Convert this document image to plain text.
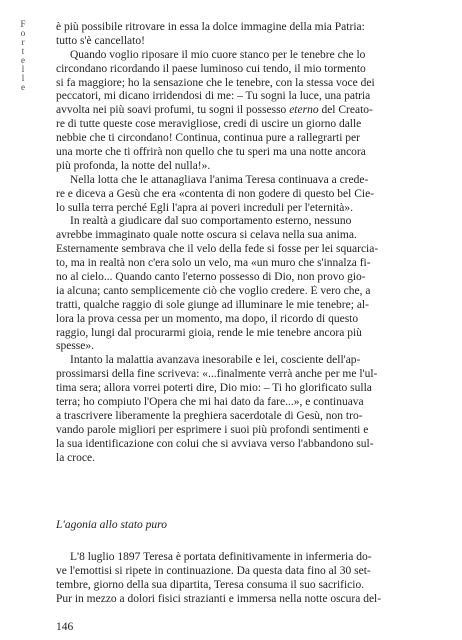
F
o
r
t
e
l
l
e
è più possibile ritrovare in essa la dolce immagine della mia Patria:
tutto s'è cancellato!
Quando voglio riposare il mio cuore stanco per le tenebre che lo
circondano ricordando il paese luminoso cui tendo, il mio tormento
si fa maggiore; ho la sensazione che le tenebre, con la stessa voce dei
peccatori, mi dicano irridendosi di me: – Tu sogni la luce, una patria
avvolta nei più soavi profumi, tu sogni il possesso eterno del Creato-
re di tutte queste cose meravigliose, credi di uscire un giorno dalle
nebbie che ti circondano! Continua, continua pure a rallegrarti per
una morte che ti offrirà non quello che tu speri ma una notte ancora
più profonda, la notte del nulla!».
Nella lotta che le attanagliava l'anima Teresa continuava a crede-
re e diceva a Gesù che era «contenta di non godere di questo bel Cie-
lo sulla terra perché Egli l'apra ai poveri increduli per l'eternità».
In realtà a giudicare dal suo comportamento esterno, nessuno
avrebbe immaginato quale notte oscura si celava nella sua anima.
Esternamente sembrava che il velo della fede si fosse per lei squarcia-
to, ma in realtà non c'era solo un velo, ma «un muro che s'innalza fi-
no al cielo... Quando canto l'eterno possesso di Dio, non provo gio-
ia alcuna; canto semplicemente ciò che voglio credere. È vero che, a
tratti, qualche raggio di sole giunge ad illuminare le mie tenebre; al-
lora la prova cessa per un momento, ma dopo, il ricordo di questo
raggio, lungi dal procurarmi gioia, rende le mie tenebre ancora più
spesse».
Intanto la malattia avanzava inesorabile e lei, cosciente dell'ap-
prossimarsi della fine scriveva: «...finalmente verrà anche per me l'ul-
tima sera; allora vorrei poterti dire, Dio mio: – Ti ho glorificato sulla
terra; ho compiuto l'Opera che mi hai dato da fare...», e continuava
a trascrivere liberamente la preghiera sacerdotale di Gesù, non tro-
vando parole migliori per esprimere i suoi più profondi sentimenti e
la sua identificazione con colui che si avviava verso l'abbandono sul-
la croce.
L'agonia allo stato puro
L'8 luglio 1897 Teresa è portata definitivamente in infermeria do-
ve l'emottisi si ripete in continuazione. Da questa data fino al 30 set-
tembre, giorno della sua dipartita, Teresa consuma il suo sacrificio.
Pur in mezzo a dolori fisici strazianti e immersa nella notte oscura del-
146
